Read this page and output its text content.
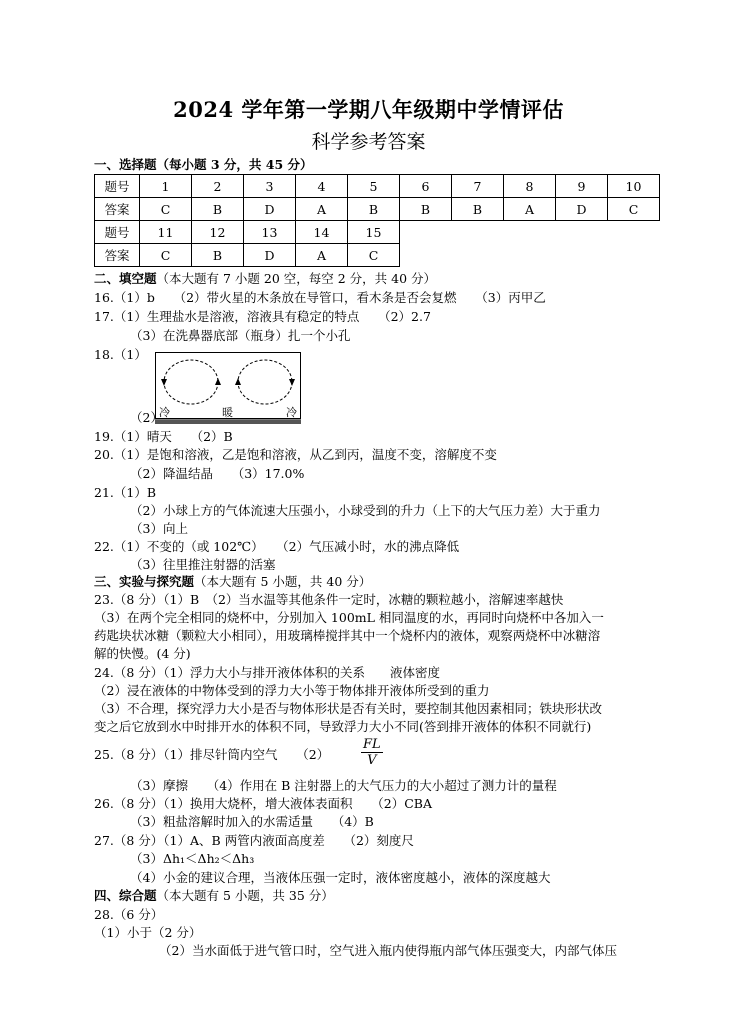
2024 学年第一学期八年级期中学情评估
科学参考答案
一、选择题（每小题 3 分，共 45 分）
题号	1	2	3	4	5	6	7	8	9	10
答案	C	B	D	A	B	B	B	A	D	C
题号	11	12	13	14	15					
答案	C	B	D	A	C					
二、填空题（本大题有 7 小题 20 空，每空 2 分，共 40 分）
16.（1）b　　（2）带火星的木条放在导管口，看木条是否会复燃　　（3）丙甲乙
17.（1）生理盐水是溶液，溶液具有稳定的特点　　（2）2.7
（3）在洗鼻器底部（瓶身）扎一个小孔
18.（1）
冷	暖	冷
（2）
19.（1）晴天　　（2）B
20.（1）是饱和溶液，乙是饱和溶液，从乙到丙，温度不变，溶解度不变
（2）降温结晶　　（3）17.0%
21.（1）B
（2）小球上方的气体流速大压强小，小球受到的升力（上下的大气压力差）大于重力
（3）向上
22.（1）不变的（或 102℃）　　（2）气压减小时，水的沸点降低
（3）往里推注射器的活塞
三、实验与探究题（本大题有 5 小题，共 40 分）
23.（8 分）（1）B　（2）当水温等其他条件一定时，冰糖的颗粒越小，溶解速率越快
（3）在两个完全相同的烧杯中，分别加入 100mL 相同温度的水，再同时向烧杯中各加入一
药匙块状冰糖（颗粒大小相同），用玻璃棒搅拌其中一个烧杯内的液体，观察两烧杯中冰糖溶
解的快慢。(4 分)
24.（8 分）（1）浮力大小与排开液体体积的关系　　液体密度
（2）浸在液体的中物体受到的浮力大小等于物体排开液体所受到的重力
（3）不合理，探究浮力大小是否与物体形状是否有关时，要控制其他因素相同；铁块形状改
变之后它放到水中时排开水的体积不同，导致浮力大小不同(答到排开液体的体积不同就行)
25.（8 分）（1）排尽针筒内空气　　$(2) \frac{FL}{V}$
（3）摩擦　　（4）作用在 B 注射器上的大气压力的大小超过了测力计的量程
26.（8 分）（1）换用大烧杯，增大液体表面积　　（2）CBA
（3）粗盐溶解时加入的水需适量　　（4）B
27.（8 分）（1）A、B 两管内液面高度差　　（2）刻度尺
（3）Δh₁＜Δh₂＜Δh₃
（4）小金的建议合理，当液体压强一定时，液体密度越小，液体的深度越大
四、综合题（本大题有 5 小题，共 35 分）
28.（6 分）
（1）小于（2 分）
（2）当水面低于进气管口时，空气进入瓶内使得瓶内部气体压强变大，内部气体压
